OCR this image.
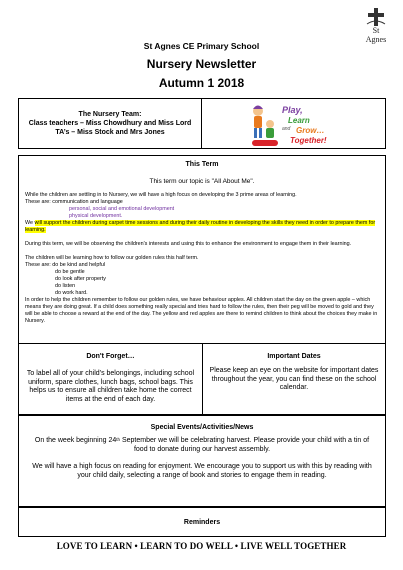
St
Agnes
St Agnes CE Primary School
Nursery Newsletter
Autumn 1 2018
The Nursery Team:
Class teachers – Miss Chowdhury and Miss Lord
TA’s – Miss Stock and Mrs Jones
Play,
Learn
and Grow…
Together!
This Term
This term our topic is "All About Me".
While the children are settling in to Nursery, we will have a high focus on developing the 3 prime areas of learning.
These are: communication and language
personal, social and emotional development
physical development.
We will support the children during carpet time sessions and during their daily routine in developing the skills they need in order to prepare them for learning.
During this term, we will be observing the children's interests and using this to enhance the environment to engage them in their learning.
The children will be learning how to follow our golden rules this half term.
These are: do be kind and helpful
do be gentle
do look after property
do listen
do work hard.
In order to help the children remember to follow our golden rules, we have behaviour apples. All children start the day on the green apple – which means they are doing great. If a child does something really special and tries hard to follow the rules, then their peg will be moved to gold and they will be able to choose a reward at the end of the day. The yellow and red apples are there to remind children to think about the choices they make in Nursery.
Don't Forget…
To label all of your child’s belongings, including school uniform, spare clothes, lunch bags, school bags. This helps us to ensure all children take home the correct items at the end of each day.
Important Dates
Please keep an eye on the website for important dates throughout the year, you can find these on the school calendar.
Special Events/Activities/News
On the week beginning 24th September we will be celebrating harvest. Please provide your child with a tin of food to donate during our harvest assembly.
We will have a high focus on reading for enjoyment. We encourage you to support us with this by reading with your child daily, selecting a range of book and stories to engage them in reading.
Reminders
LOVE TO LEARN • LEARN TO DO WELL • LIVE WELL TOGETHER
